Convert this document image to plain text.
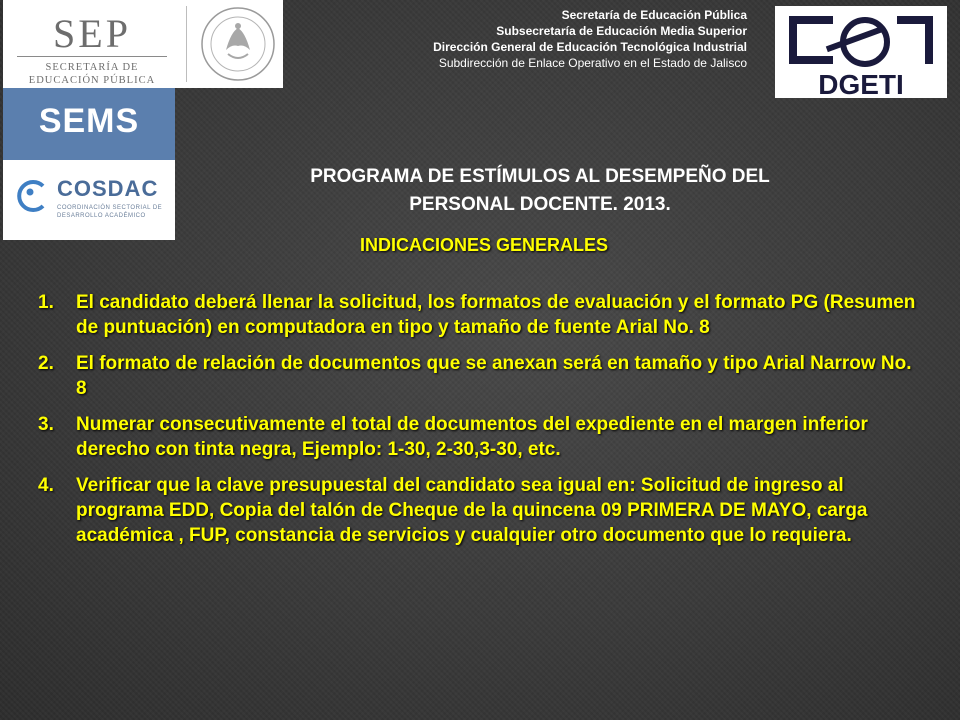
SEP
SECRETARÍA DE
EDUCACIÓN PÚBLICA
SEMS
COSDAC
COORDINACIÓN SECTORIAL DE DESARROLLO ACADÉMICO
Secretaría de Educación Pública
Subsecretaría de Educación Media Superior
Dirección General de Educación Tecnológica Industrial
Subdirección de Enlace Operativo en el Estado de Jalisco
DGETI
PROGRAMA DE ESTÍMULOS AL DESEMPEÑO DEL
PERSONAL DOCENTE. 2013.
INDICACIONES GENERALES
1. El candidato deberá llenar la solicitud, los formatos de evaluación y el formato PG (Resumen de puntuación) en computadora en tipo y tamaño de fuente Arial No. 8
2. El formato de relación de documentos que se anexan será en tamaño y tipo Arial Narrow No. 8
3. Numerar consecutivamente el total de documentos del expediente en el margen inferior derecho con tinta negra, Ejemplo: 1-30, 2-30,3-30, etc.
4. Verificar que la clave presupuestal del candidato sea igual en: Solicitud de ingreso al programa EDD, Copia del talón de Cheque de la quincena 09 PRIMERA DE MAYO, carga académica , FUP, constancia de servicios y cualquier otro documento que lo requiera.
